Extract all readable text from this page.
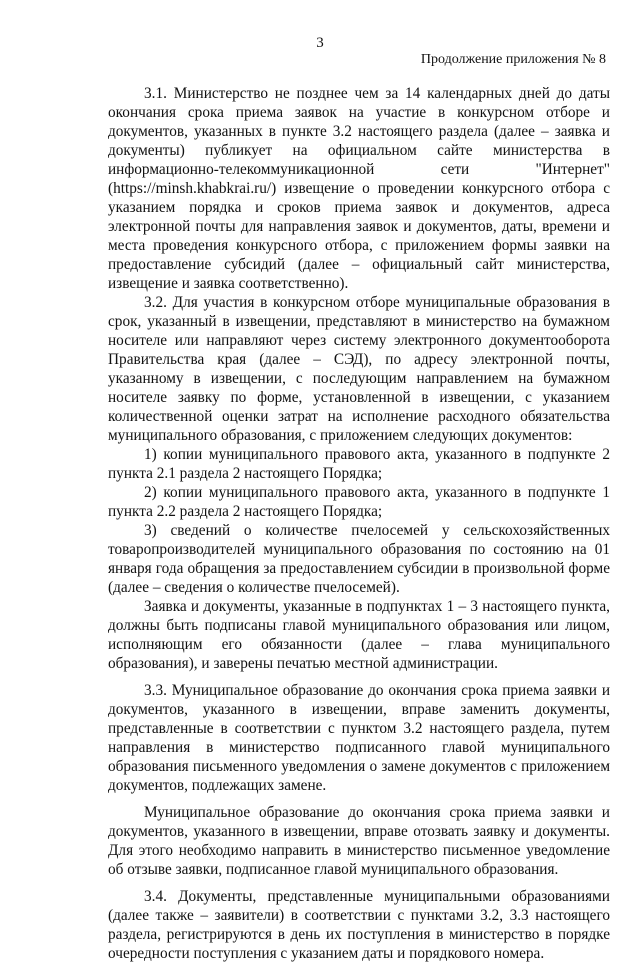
3
Продолжение приложения № 8

3.1. Министерство не позднее чем за 14 календарных дней до даты окончания срока приема заявок на участие в конкурсном отборе и документов, указанных в пункте 3.2 настоящего раздела (далее – заявка и документы) публикует на официальном сайте министерства в информационно-телекоммуникационной сети "Интернет" (https://minsh.khabkrai.ru/) извещение о проведении конкурсного отбора с указанием порядка и сроков приема заявок и документов, адреса электронной почты для направления заявок и документов, даты, времени и места проведения конкурсного отбора, с приложением формы заявки на предоставление субсидий (далее – официальный сайт министерства, извещение и заявка соответственно).

3.2. Для участия в конкурсном отборе муниципальные образования в срок, указанный в извещении, представляют в министерство на бумажном носителе или направляют через систему электронного документооборота Правительства края (далее – СЭД), по адресу электронной почты, указанному в извещении, с последующим направлением на бумажном носителе заявку по форме, установленной в извещении, с указанием количественной оценки затрат на исполнение расходного обязательства муниципального образования, с приложением следующих документов:

1) копии муниципального правового акта, указанного в подпункте 2 пункта 2.1 раздела 2 настоящего Порядка;

2) копии муниципального правового акта, указанного в подпункте 1 пункта 2.2 раздела 2 настоящего Порядка;

3) сведений о количестве пчелосемей у сельскохозяйственных товаропроизводителей муниципального образования по состоянию на 01 января года обращения за предоставлением субсидии в произвольной форме (далее – сведения о количестве пчелосемей).

Заявка и документы, указанные в подпунктах 1 – 3 настоящего пункта, должны быть подписаны главой муниципального образования или лицом, исполняющим его обязанности (далее – глава муниципального образования), и заверены печатью местной администрации.

3.3. Муниципальное образование до окончания срока приема заявки и документов, указанного в извещении, вправе заменить документы, представленные в соответствии с пунктом 3.2 настоящего раздела, путем направления в министерство подписанного главой муниципального образования письменного уведомления о замене документов с приложением документов, подлежащих замене.

Муниципальное образование до окончания срока приема заявки и документов, указанного в извещении, вправе отозвать заявку и документы. Для этого необходимо направить в министерство письменное уведомление об отзыве заявки, подписанное главой муниципального образования.

3.4. Документы, представленные муниципальными образованиями (далее также – заявители) в соответствии с пунктами 3.2, 3.3 настоящего раздела, регистрируются в день их поступления в министерство в порядке очередности поступления с указанием даты и порядкового номера.
